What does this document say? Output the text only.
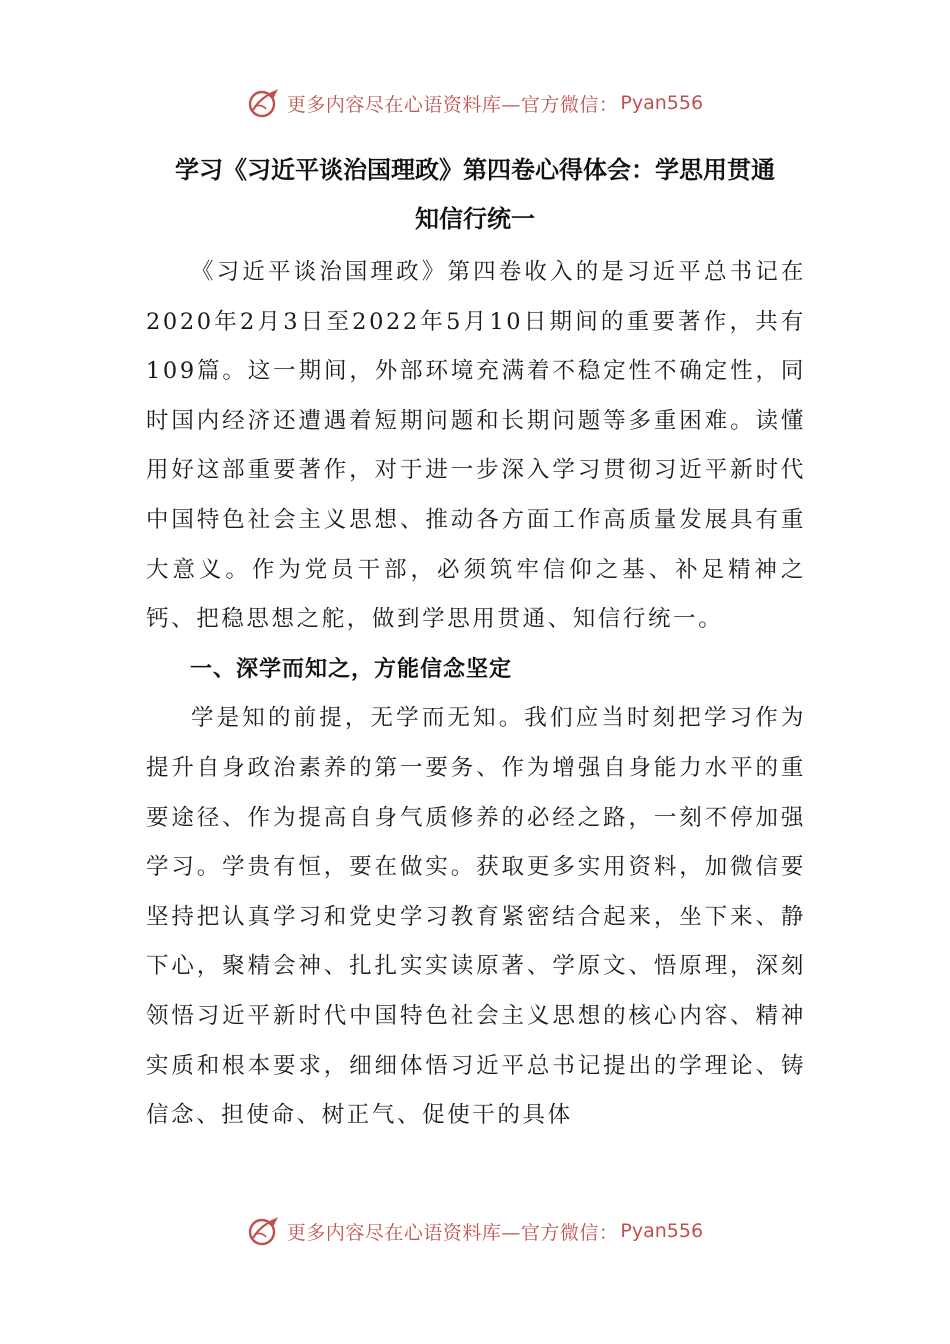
更多内容尽在心语资料库—官方微信： Pyan556
学习《习近平谈治国理政》第四卷心得体会：学思用贯通
知信行统一

《习近平谈治国理政》第四卷收入的是习近平总书记在2020年2月3日至2022年5月10日期间的重要著作，共有109篇。这一期间，外部环境充满着不稳定性不确定性，同时国内经济还遭遇着短期问题和长期问题等多重困难。读懂用好这部重要著作，对于进一步深入学习贯彻习近平新时代中国特色社会主义思想、推动各方面工作高质量发展具有重大意义。作为党员干部，必须筑牢信仰之基、补足精神之钙、把稳思想之舵，做到学思用贯通、知信行统一。

一、深学而知之，方能信念坚定

学是知的前提，无学而无知。我们应当时刻把学习作为提升自身政治素养的第一要务、作为增强自身能力水平的重要途径、作为提高自身气质修养的必经之路，一刻不停加强学习。学贵有恒，要在做实。获取更多实用资料，加微信要坚持把认真学习和党史学习教育紧密结合起来，坐下来、静下心，聚精会神、扎扎实实读原著、学原文、悟原理，深刻领悟习近平新时代中国特色社会主义思想的核心内容、精神实质和根本要求，细细体悟习近平总书记提出的学理论、铸信念、担使命、树正气、促使干的具体

更多内容尽在心语资料库—官方微信： Pyan556
